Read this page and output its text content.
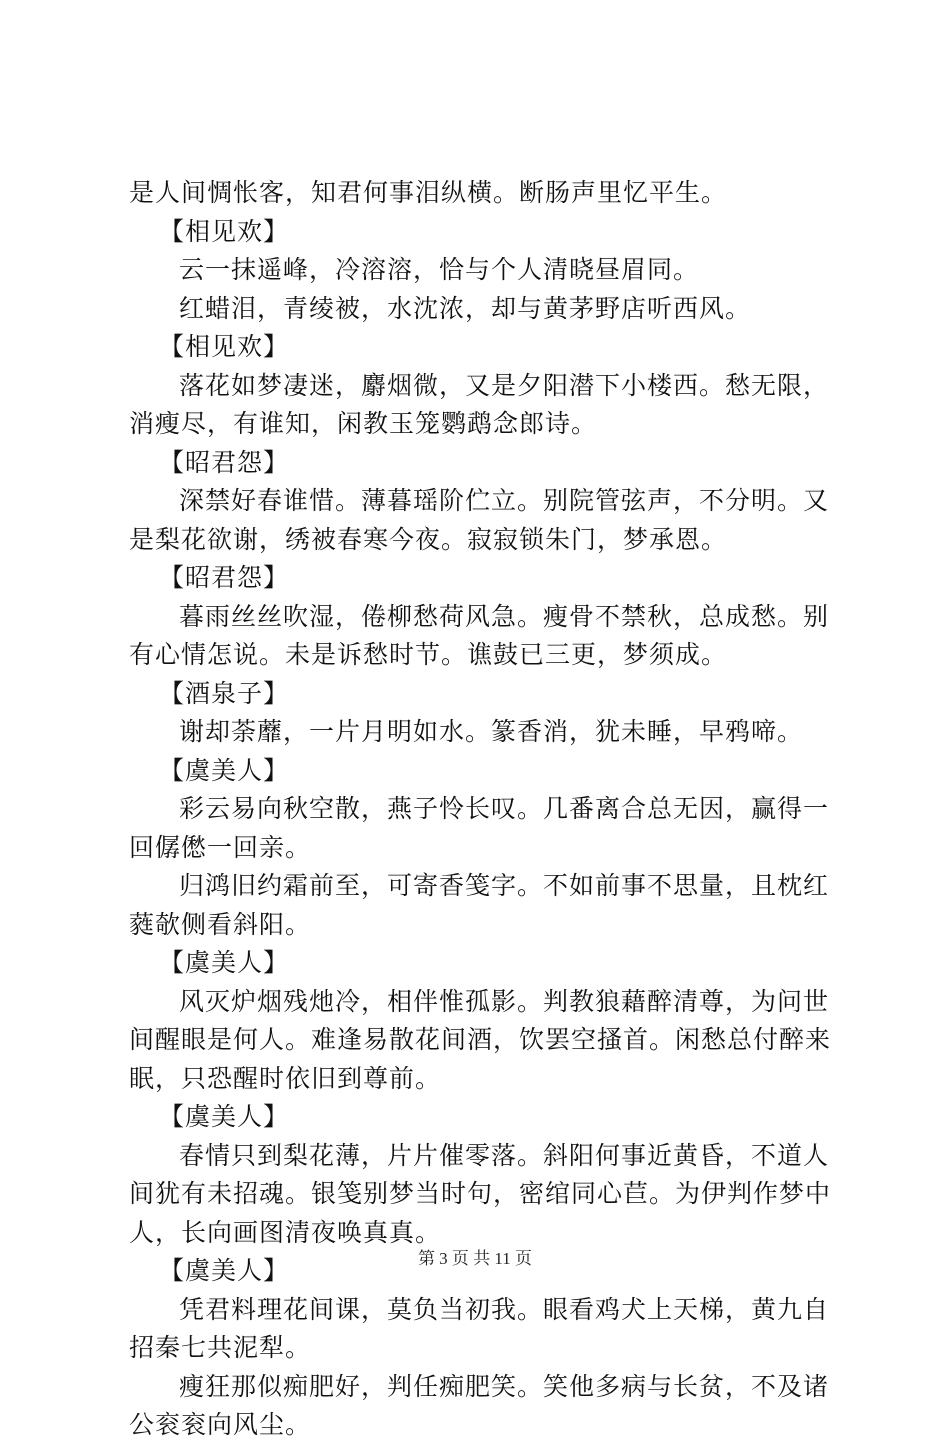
是人间惆怅客，知君何事泪纵横。断肠声里忆平生。
【相见欢】
云一抹遥峰，冷溶溶，恰与个人清晓昼眉同。
红蜡泪，青绫被，水沈浓，却与黄茅野店听西风。
【相见欢】
落花如梦凄迷，麝烟微，又是夕阳潜下小楼西。愁无限，消瘦尽，有谁知，闲教玉笼鹦鹉念郎诗。
【昭君怨】
深禁好春谁惜。薄暮瑶阶伫立。别院管弦声，不分明。又是梨花欲谢，绣被春寒今夜。寂寂锁朱门，梦承恩。
【昭君怨】
暮雨丝丝吹湿，倦柳愁荷风急。瘦骨不禁秋，总成愁。别有心情怎说。未是诉愁时节。谯鼓已三更，梦须成。
【酒泉子】
谢却荼蘼，一片月明如水。篆香消，犹未睡，早鸦啼。
【虞美人】
彩云易向秋空散，燕子怜长叹。几番离合总无因，赢得一回僝僽一回亲。
归鸿旧约霜前至，可寄香笺字。不如前事不思量，且枕红蕤欹侧看斜阳。
【虞美人】
风灭炉烟残灺冷，相伴惟孤影。判教狼藉醉清尊，为问世间醒眼是何人。难逢易散花间酒，饮罢空搔首。闲愁总付醉来眠，只恐醒时依旧到尊前。
【虞美人】
春情只到梨花薄，片片催零落。斜阳何事近黄昏，不道人间犹有未招魂。银笺别梦当时句，密绾同心苣。为伊判作梦中人，长向画图清夜唤真真。
【虞美人】
凭君料理花间课，莫负当初我。眼看鸡犬上天梯，黄九自招秦七共泥犁。
瘦狂那似痴肥好，判任痴肥笑。笑他多病与长贫，不及诸公衮衮向风尘。
第 3 页 共 11 页
